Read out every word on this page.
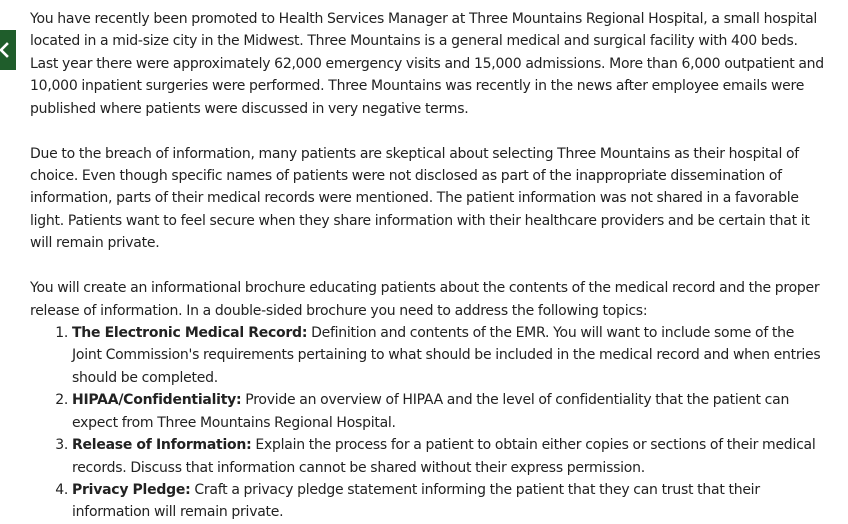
You have recently been promoted to Health Services Manager at Three Mountains Regional Hospital, a small hospital located in a mid-size city in the Midwest. Three Mountains is a general medical and surgical facility with 400 beds. Last year there were approximately 62,000 emergency visits and 15,000 admissions. More than 6,000 outpatient and 10,000 inpatient surgeries were performed. Three Mountains was recently in the news after employee emails were published where patients were discussed in very negative terms.

Due to the breach of information, many patients are skeptical about selecting Three Mountains as their hospital of choice. Even though specific names of patients were not disclosed as part of the inappropriate dissemination of information, parts of their medical records were mentioned. The patient information was not shared in a favorable light. Patients want to feel secure when they share information with their healthcare providers and be certain that it will remain private.

You will create an informational brochure educating patients about the contents of the medical record and the proper release of information. In a double-sided brochure you need to address the following topics:

1. The Electronic Medical Record: Definition and contents of the EMR. You will want to include some of the Joint Commission's requirements pertaining to what should be included in the medical record and when entries should be completed.
2. HIPAA/Confidentiality: Provide an overview of HIPAA and the level of confidentiality that the patient can expect from Three Mountains Regional Hospital.
3. Release of Information: Explain the process for a patient to obtain either copies or sections of their medical records. Discuss that information cannot be shared without their express permission.
4. Privacy Pledge: Craft a privacy pledge statement informing the patient that they can trust that their information will remain private.
